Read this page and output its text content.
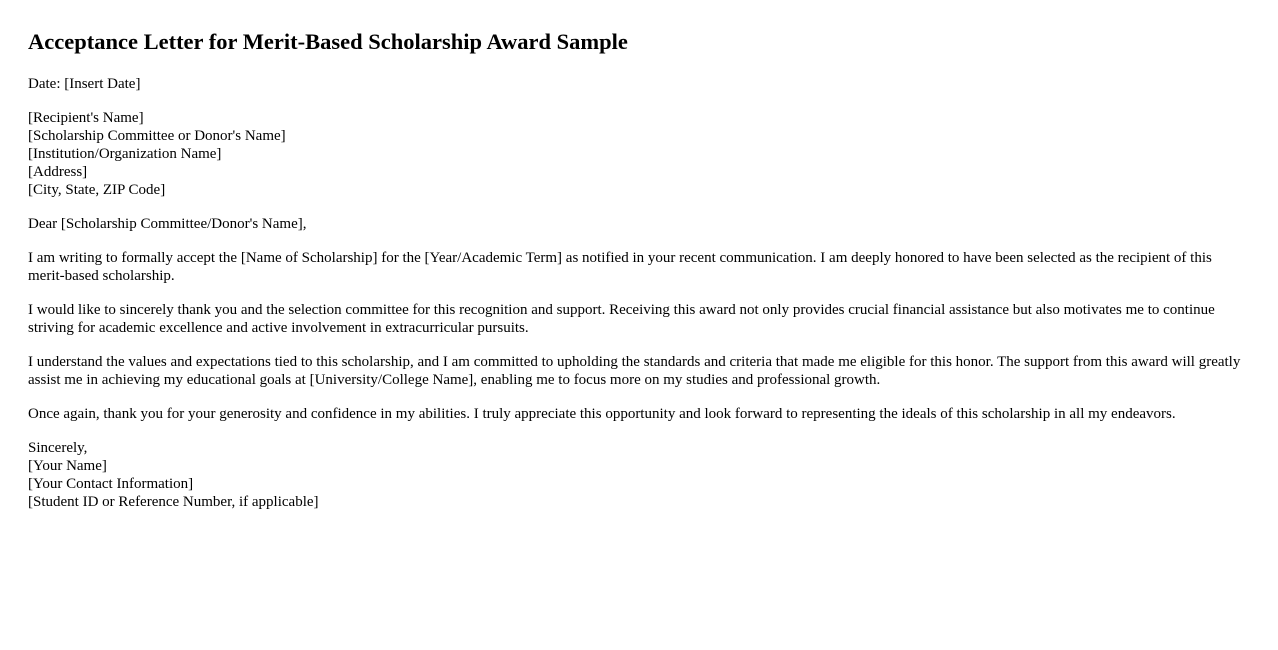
Acceptance Letter for Merit-Based Scholarship Award Sample
Date: [Insert Date]
[Recipient's Name]
[Scholarship Committee or Donor's Name]
[Institution/Organization Name]
[Address]
[City, State, ZIP Code]
Dear [Scholarship Committee/Donor's Name],

I am writing to formally accept the [Name of Scholarship] for the [Year/Academic Term] as notified in your recent communication. I am deeply honored to have been selected as the recipient of this merit-based scholarship.

I would like to sincerely thank you and the selection committee for this recognition and support. Receiving this award not only provides crucial financial assistance but also motivates me to continue striving for academic excellence and active involvement in extracurricular pursuits.

I understand the values and expectations tied to this scholarship, and I am committed to upholding the standards and criteria that made me eligible for this honor. The support from this award will greatly assist me in achieving my educational goals at [University/College Name], enabling me to focus more on my studies and professional growth.

Once again, thank you for your generosity and confidence in my abilities. I truly appreciate this opportunity and look forward to representing the ideals of this scholarship in all my endeavors.

Sincerely,
[Your Name]
[Your Contact Information]
[Student ID or Reference Number, if applicable]
